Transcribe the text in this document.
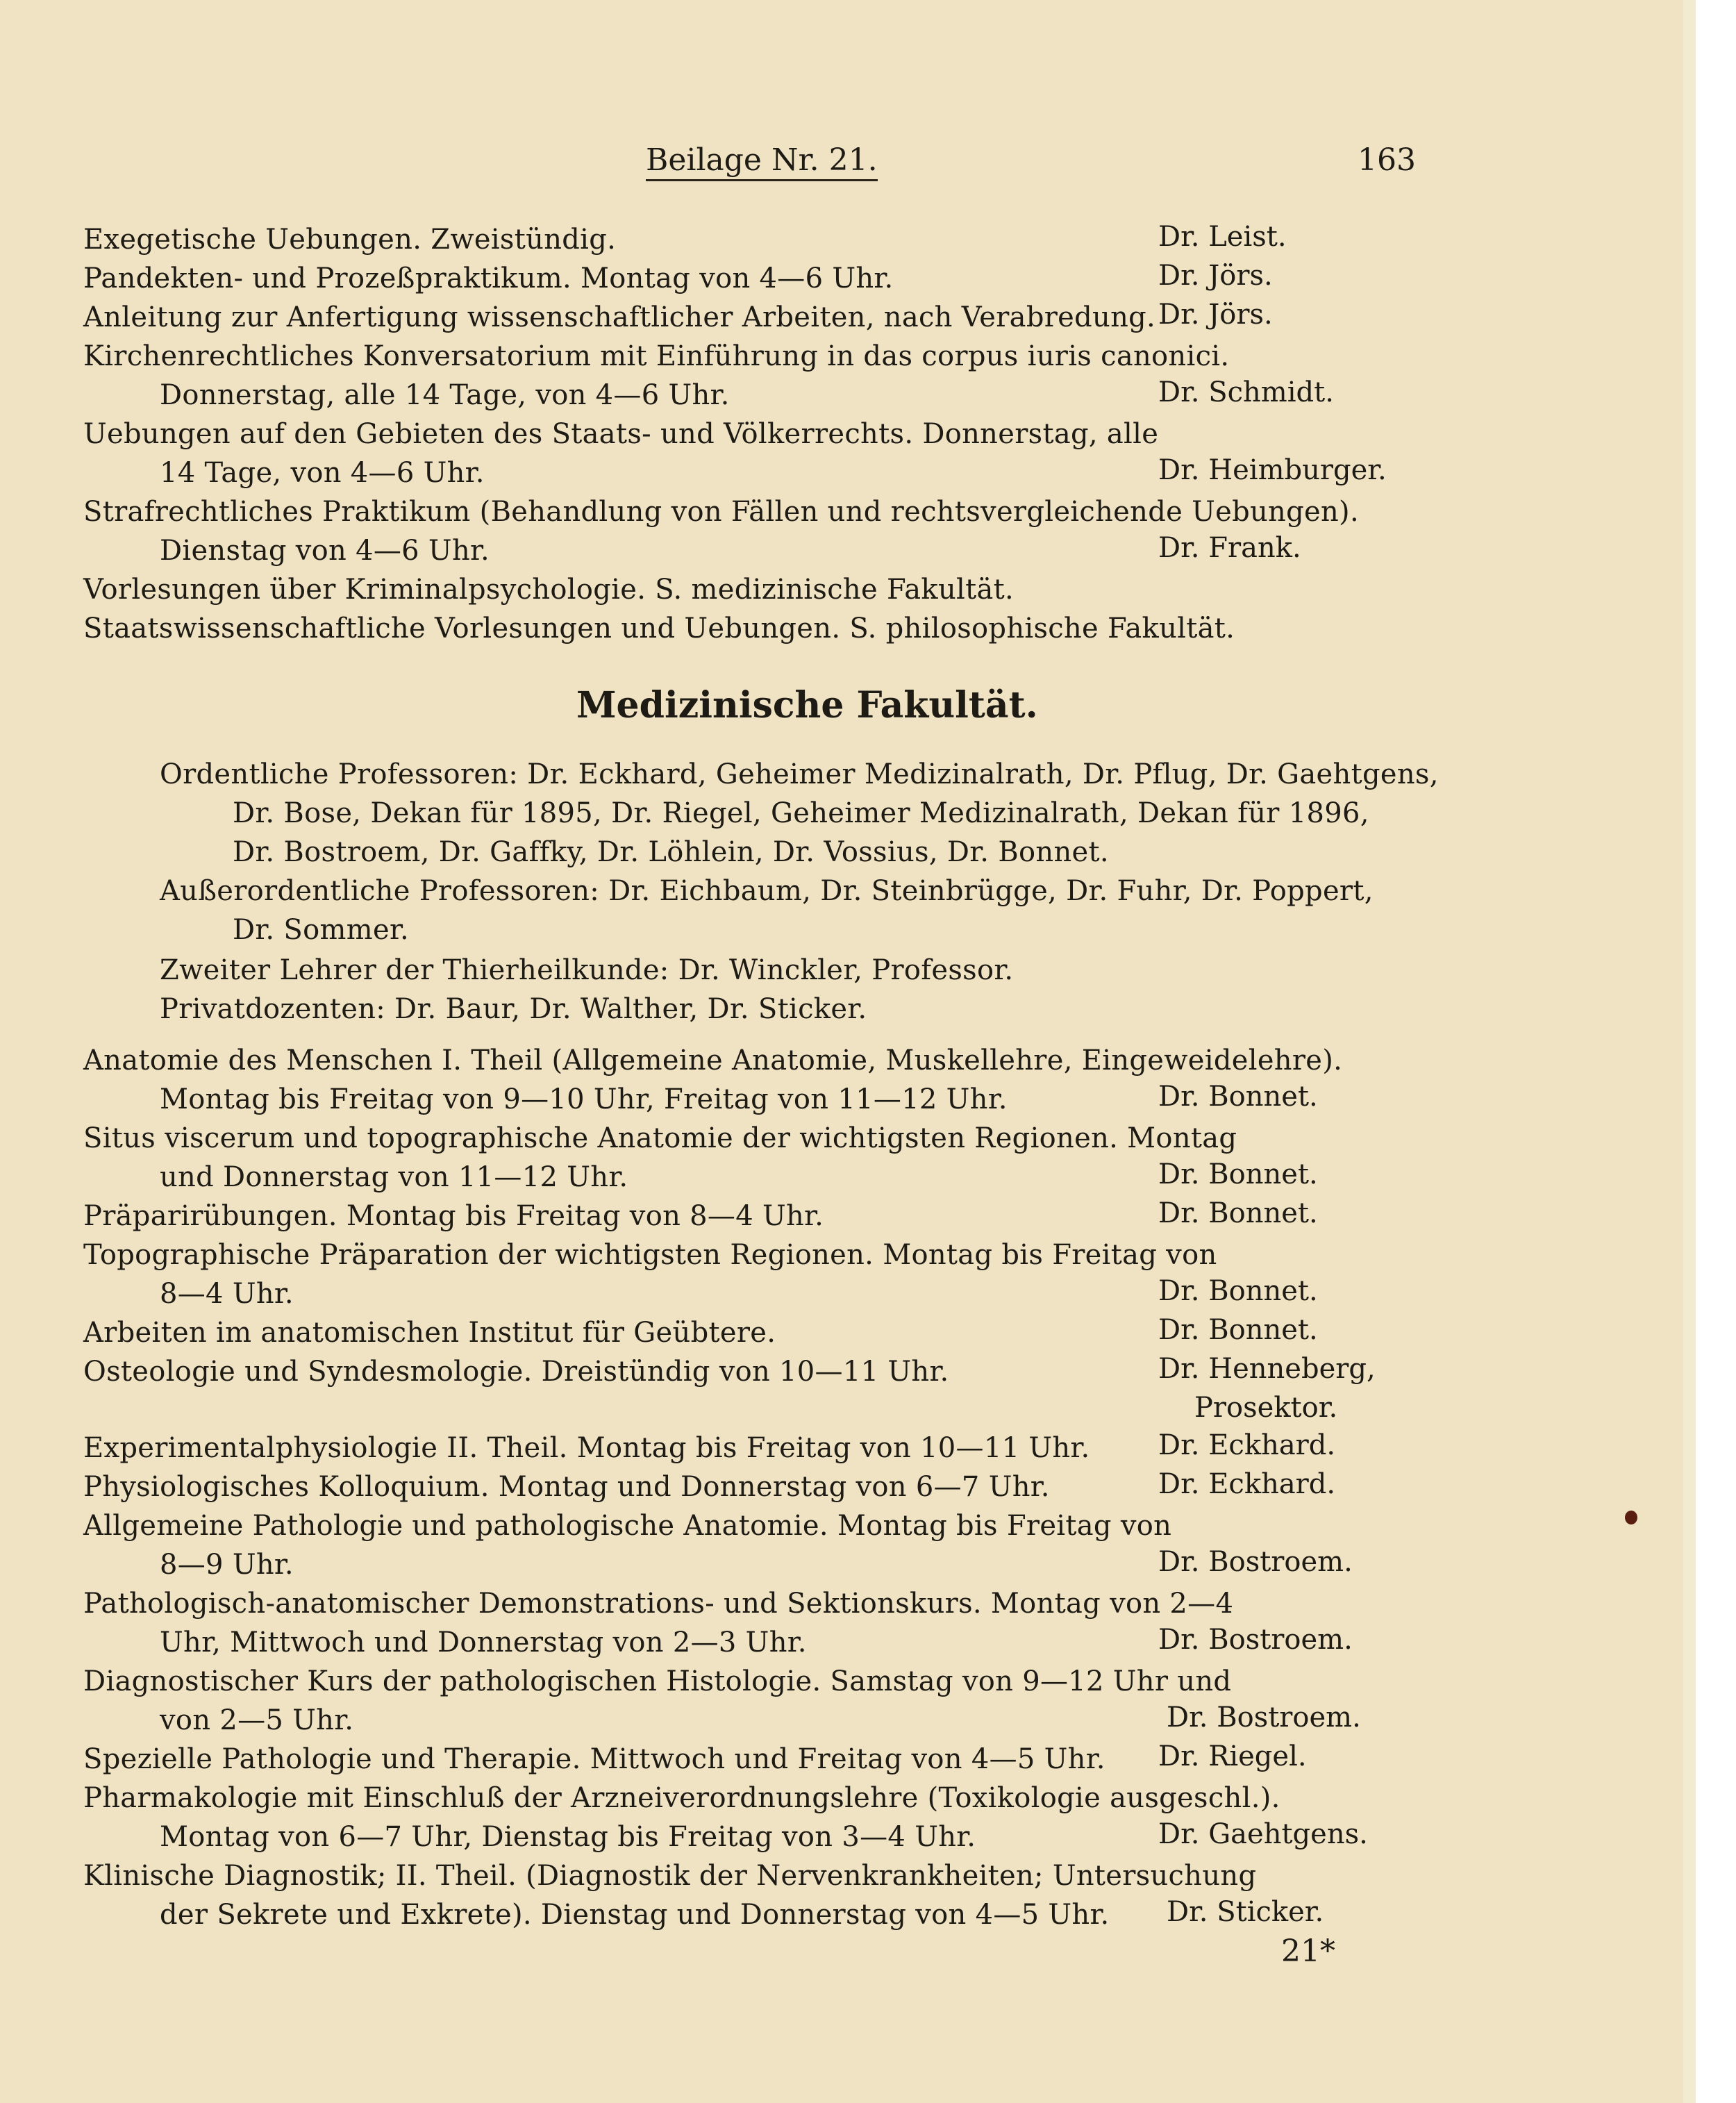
Beilage Nr. 21.	163
Exegetische Uebungen. Zweistündig.	Dr. Leist.
Pandekten- und Prozeßpraktikum. Montag von 4—6 Uhr.	Dr. Jörs.
Anleitung zur Anfertigung wissenschaftlicher Arbeiten, nach Verabredung. Dr. Jörs.
Kirchenrechtliches Konversatorium mit Einführung in das corpus iuris canonici.
Donnerstag, alle 14 Tage, von 4—6 Uhr.	Dr. Schmidt.
Uebungen auf den Gebieten des Staats- und Völkerrechts. Donnerstag, alle
14 Tage, von 4—6 Uhr.	Dr. Heimburger.
Strafrechtliches Praktikum (Behandlung von Fällen und rechtsvergleichende Uebungen).
Dienstag von 4—6 Uhr.	Dr. Frank.
Vorlesungen über Kriminalpsychologie. S. medizinische Fakultät.
Staatswissenschaftliche Vorlesungen und Uebungen. S. philosophische Fakultät.
Medizinische Fakultät.
Ordentliche Professoren: Dr. Eckhard, Geheimer Medizinalrath, Dr. Pflug, Dr. Gaehtgens,
Dr. Bose, Dekan für 1895, Dr. Riegel, Geheimer Medizinalrath, Dekan für 1896,
Dr. Bostroem, Dr. Gaffky, Dr. Löhlein, Dr. Vossius, Dr. Bonnet.
Außerordentliche Professoren: Dr. Eichbaum, Dr. Steinbrügge, Dr. Fuhr, Dr. Poppert,
Dr. Sommer.
Zweiter Lehrer der Thierheilkunde: Dr. Winckler, Professor.
Privatdozenten: Dr. Baur, Dr. Walther, Dr. Sticker.
Anatomie des Menschen I. Theil (Allgemeine Anatomie, Muskellehre, Eingeweidelehre).
Montag bis Freitag von 9—10 Uhr, Freitag von 11—12 Uhr.	Dr. Bonnet.
Situs viscerum und topographische Anatomie der wichtigsten Regionen. Montag
und Donnerstag von 11—12 Uhr.	Dr. Bonnet.
Präparirübungen. Montag bis Freitag von 8—4 Uhr.	Dr. Bonnet.
Topographische Präparation der wichtigsten Regionen. Montag bis Freitag von
8—4 Uhr.	Dr. Bonnet.
Arbeiten im anatomischen Institut für Geübtere.	Dr. Bonnet.
Osteologie und Syndesmologie. Dreistündig von 10—11 Uhr.	Dr. Henneberg,
Prosektor.
Experimentalphysiologie II. Theil. Montag bis Freitag von 10—11 Uhr. Dr. Eckhard.
Physiologisches Kolloquium. Montag und Donnerstag von 6—7 Uhr.	Dr. Eckhard.
Allgemeine Pathologie und pathologische Anatomie. Montag bis Freitag von
8—9 Uhr.	Dr. Bostroem.
Pathologisch-anatomischer Demonstrations- und Sektionskurs. Montag von 2—4
Uhr, Mittwoch und Donnerstag von 2—3 Uhr.	Dr. Bostroem.
Diagnostischer Kurs der pathologischen Histologie. Samstag von 9—12 Uhr und
von 2—5 Uhr.	Dr. Bostroem.
Spezielle Pathologie und Therapie. Mittwoch und Freitag von 4—5 Uhr. Dr. Riegel.
Pharmakologie mit Einschluß der Arzneiverordnungslehre (Toxikologie ausgeschl.).
Montag von 6—7 Uhr, Dienstag bis Freitag von 3—4 Uhr.	Dr. Gaehtgens.
Klinische Diagnostik; II. Theil. (Diagnostik der Nervenkrankheiten; Untersuchung
der Sekrete und Exkrete). Dienstag und Donnerstag von 4—5 Uhr. Dr. Sticker.
21*
